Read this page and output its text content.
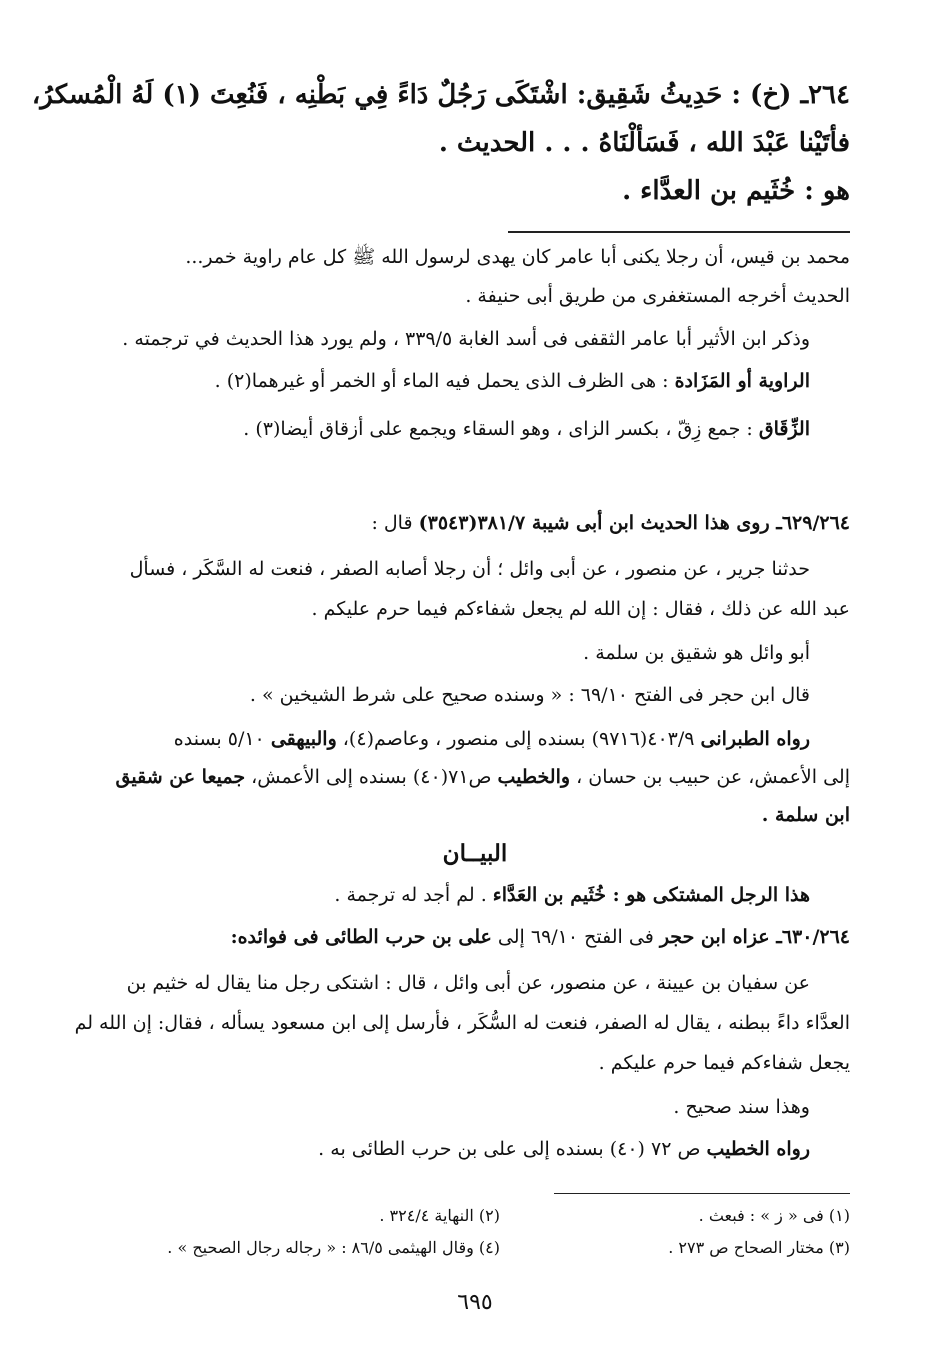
٢٦٤ـ (خ) : حَدِيثُ شَقِيق: اشْتَكَى رَجُلٌ دَاءً فِي بَطْنِه ، فَنُعِتَ (١) لَهُ الْمُسكرُ،
فأتَيْنا عَبْدَ الله ، فَسَألْنَاهُ . . . الحديث .
هو : خُثَيم بن العدَّاء .
محمد بن قيس، أن رجلا يكنى أبا عامر كان يهدى لرسول الله ﷺ كل عام راوية خمر...
الحديث أخرجه المستغفرى من طريق أبى حنيفة .
وذكر ابن الأثير أبا عامر الثقفى فى أسد الغابة ٣٣٩/٥ ، ولم يورد هذا الحديث في ترجمته .
الراوية أو المَزَادة : هى الظرف الذى يحمل فيه الماء أو الخمر أو غيرهما(٢) .
الزِّقَاق : جمع زِقّ ، بكسر الزاى ، وهو السقاء ويجمع على أزقاق أيضا(٣) .
٦٢٩/٢٦٤ـ روى هذا الحديث ابن أبى شيبة ٣٨١/٧(٣٥٤٣) قال :
حدثنا جرير ، عن منصور ، عن أبى وائل ؛ أن رجلا أصابه الصفر ، فنعت له السَّكَر ، فسأل
عبد الله عن ذلك ، فقال : إن الله لم يجعل شفاءكم فيما حرم عليكم .
أبو وائل هو شقيق بن سلمة .
قال ابن حجر فى الفتح ٦٩/١٠ : « وسنده صحيح على شرط الشيخين » .
رواه الطبرانى ٤٠٣/٩(٩٧١٦) بسنده إلى منصور ، وعاصم(٤)، والبيهقى ٥/١٠ بسنده
إلى الأعمش، عن حبيب بن حسان ، والخطيب ص٧١(٤٠) بسنده إلى الأعمش، جميعا عن شقيق
ابن سلمة .
البيــان
هذا الرجل المشتكى هو : خُثَيم بن العَدَّاء . لم أجد له ترجمة .
٦٣٠/٢٦٤ـ عزاه ابن حجر فى الفتح ٦٩/١٠ إلى على بن حرب الطائى فى فوائده:
عن سفيان بن عيينة ، عن منصور، عن أبى وائل ، قال : اشتكى رجل منا يقال له خثيم بن
العدَّاء داءً ببطنه ، يقال له الصفر، فنعت له السُّكَر ، فأرسل إلى ابن مسعود يسأله ، فقال: إن الله لم
يجعل شفاءكم فيما حرم عليكم .
وهذا سند صحيح .
رواه الخطيب ص ٧٢ (٤٠) بسنده إلى على بن حرب الطائى به .
(١) فى « ز » : فبعث .
(٢) النهاية ٣٢٤/٤ .
(٣) مختار الصحاح ص ٢٧٣ .
(٤) وقال الهيثمى ٨٦/٥ : « رجاله رجال الصحيح » .
٦٩٥
